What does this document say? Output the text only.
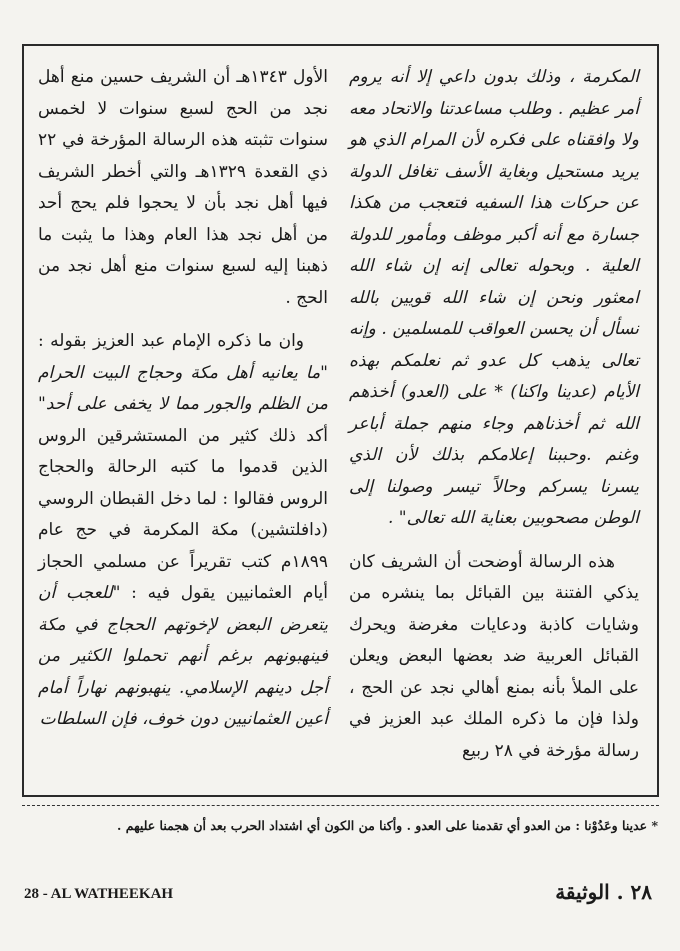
المكرمة ، وذلك بدون داعي إلا أنه يروم أمر عظيم . وطلب مساعدتنا والاتحاد معه ولا وافقناه على فكره لأن المرام الذي هو يريد مستحيل وبغاية الأسف تغافل الدولة عن حركات هذا السفيه فتعجب من هكذا جسارة مع أنه أكبر موظف ومأمور للدولة العلية . وبحوله تعالى إنه إن شاء الله امعثور ونحن إن شاء الله قويين بالله نسأل أن يحسن العواقب للمسلمين . وإنه تعالى يذهب كل عدو ثم نعلمكم بهذه الأيام (عدينا واكنا) * على (العدو) أخذهم الله ثم أخذناهم وجاء منهم جملة أباعر وغنم .وحببنا إعلامكم بذلك لأن الذي يسرنا يسركم وحالاً تيسر وصولنا إلى الوطن مصحوبين بعناية الله تعالى" .

هذه الرسالة أوضحت أن الشريف كان يذكي الفتنة بين القبائل بما ينشره من وشايات كاذبة ودعايات مغرضة ويحرك القبائل العربية ضد بعضها البعض ويعلن على الملأ بأنه بمنع أهالي نجد عن الحج ، ولذا فإن ما ذكره الملك عبد العزيز في رسالة مؤرخة في ٢٨ ربيع

الأول ١٣٤٣هـ أن الشريف حسين منع أهل نجد من الحج لسبع سنوات لا لخمس سنوات تثبته هذه الرسالة المؤرخة في ٢٢ ذي القعدة ١٣٢٩هـ والتي أخطر الشريف فيها أهل نجد بأن لا يحجوا فلم يحج أحد من أهل نجد هذا العام وهذا ما يثبت ما ذهبنا إليه لسبع سنوات منع أهل نجد من الحج .

وان ما ذكره الإمام عبد العزيز بقوله : "ما يعانيه أهل مكة وحجاج البيت الحرام من الظلم والجور مما لا يخفى على أحد" أكد ذلك كثير من المستشرقين الروس الذين قدموا ما كتبه الرحالة والحجاج الروس فقالوا : لما دخل القبطان الروسي (دافلتشين) مكة المكرمة في حج عام ١٨٩٩م كتب تقريراً عن مسلمي الحجاز أيام العثمانيين يقول فيه : "للعجب أن يتعرض البعض لإخوتهم الحجاج في مكة فينهبونهم برغم أنهم تحملوا الكثير من أجل دينهم الإسلامي. ينهبونهم نهاراً أمام أعين العثمانيين دون خوف، فإن السلطات

* عدينا وعَدُوْنا : من العدو أي تقدمنا على العدو . وأكنا من الكون أي اشتداد الحرب بعد أن هجمنا عليهم .
28 - AL WATHEEKAH	٢٨ . الوثيقة
